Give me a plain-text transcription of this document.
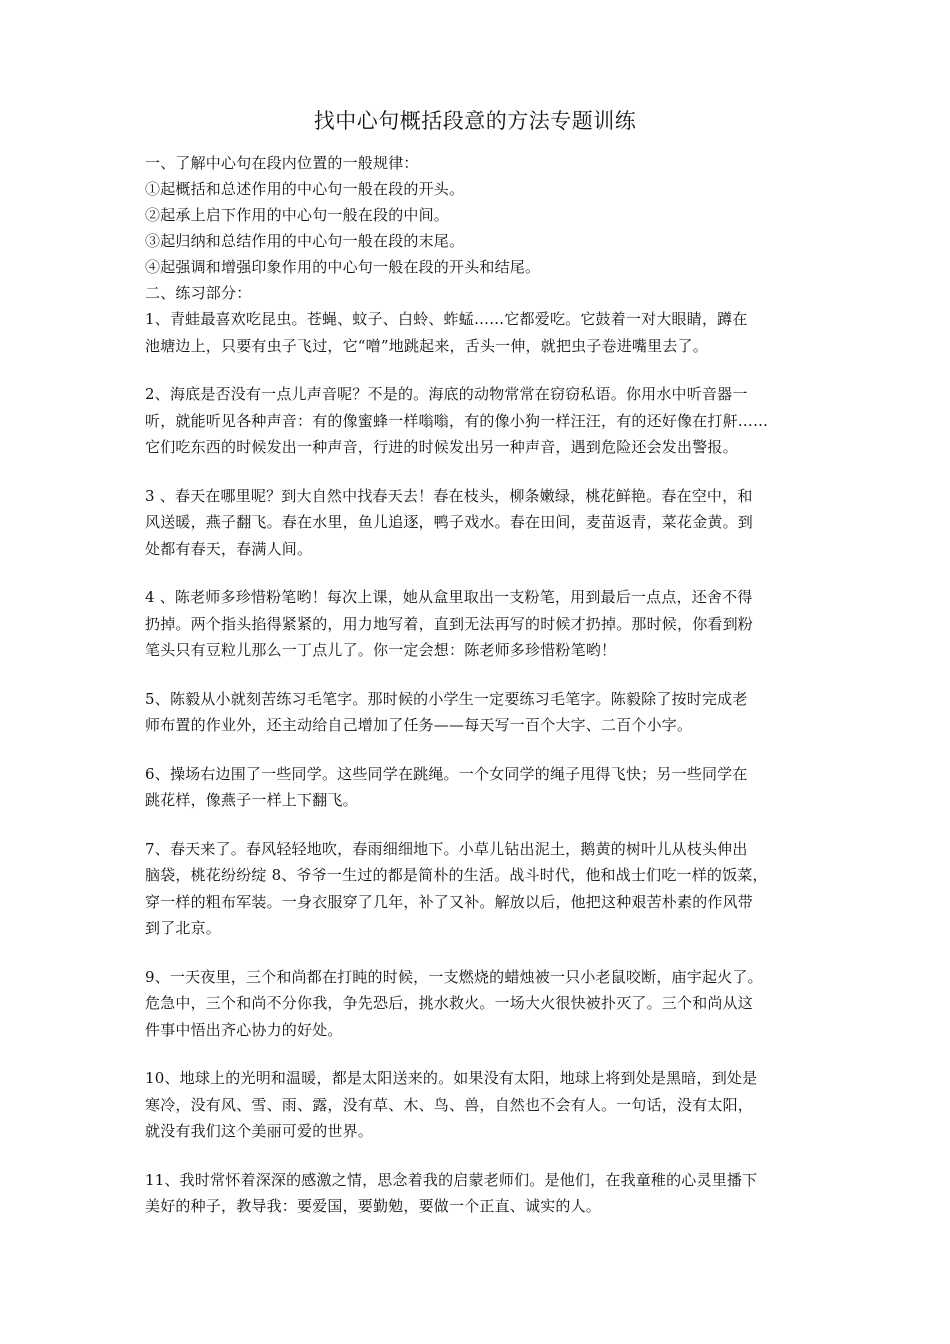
找中心句概括段意的方法专题训练
一、了解中心句在段内位置的一般规律：
①起概括和总述作用的中心句一般在段的开头。
②起承上启下作用的中心句一般在段的中间。
③起归纳和总结作用的中心句一般在段的末尾。
④起强调和增强印象作用的中心句一般在段的开头和结尾。
二、练习部分：
1、青蛙最喜欢吃昆虫。苍蝇、蚊子、白蛉、蚱蜢……它都爱吃。它鼓着一对大眼睛，蹲在
池塘边上，只要有虫子飞过，它“噌”地跳起来，舌头一伸，就把虫子卷进嘴里去了。
2、海底是否没有一点儿声音呢？不是的。海底的动物常常在窃窃私语。你用水中听音器一
听，就能听见各种声音：有的像蜜蜂一样嗡嗡，有的像小狗一样汪汪，有的还好像在打鼾……
它们吃东西的时候发出一种声音，行进的时候发出另一种声音，遇到危险还会发出警报。
3 、春天在哪里呢？到大自然中找春天去！春在枝头，柳条嫩绿，桃花鲜艳。春在空中，和
风送暖，燕子翻飞。春在水里，鱼儿追逐，鸭子戏水。春在田间，麦苗返青，菜花金黄。到
处都有春天，春满人间。
4 、陈老师多珍惜粉笔哟！每次上课，她从盒里取出一支粉笔，用到最后一点点，还舍不得
扔掉。两个指头掐得紧紧的，用力地写着，直到无法再写的时候才扔掉。那时候，你看到粉
笔头只有豆粒儿那么一丁点儿了。你一定会想：陈老师多珍惜粉笔哟！
5、陈毅从小就刻苦练习毛笔字。那时候的小学生一定要练习毛笔字。陈毅除了按时完成老
师布置的作业外，还主动给自己增加了任务——每天写一百个大字、二百个小字。
6、操场右边围了一些同学。这些同学在跳绳。一个女同学的绳子甩得飞快；另一些同学在
跳花样，像燕子一样上下翻飞。
7、春天来了。春风轻轻地吹，春雨细细地下。小草儿钻出泥土，鹅黄的树叶儿从枝头伸出
脑袋，桃花纷纷绽 8、爷爷一生过的都是简朴的生活。战斗时代，他和战士们吃一样的饭菜，
穿一样的粗布军装。一身衣服穿了几年，补了又补。解放以后，他把这种艰苦朴素的作风带
到了北京。
9、一天夜里，三个和尚都在打盹的时候，一支燃烧的蜡烛被一只小老鼠咬断，庙宇起火了。
危急中，三个和尚不分你我，争先恐后，挑水救火。一场大火很快被扑灭了。三个和尚从这
件事中悟出齐心协力的好处。
10、地球上的光明和温暖，都是太阳送来的。如果没有太阳，地球上将到处是黑暗，到处是
寒冷，没有风、雪、雨、露，没有草、木、鸟、兽，自然也不会有人。一句话，没有太阳，
就没有我们这个美丽可爱的世界。
11、我时常怀着深深的感激之情，思念着我的启蒙老师们。是他们，在我童稚的心灵里播下
美好的种子，教导我：要爱国，要勤勉，要做一个正直、诚实的人。
